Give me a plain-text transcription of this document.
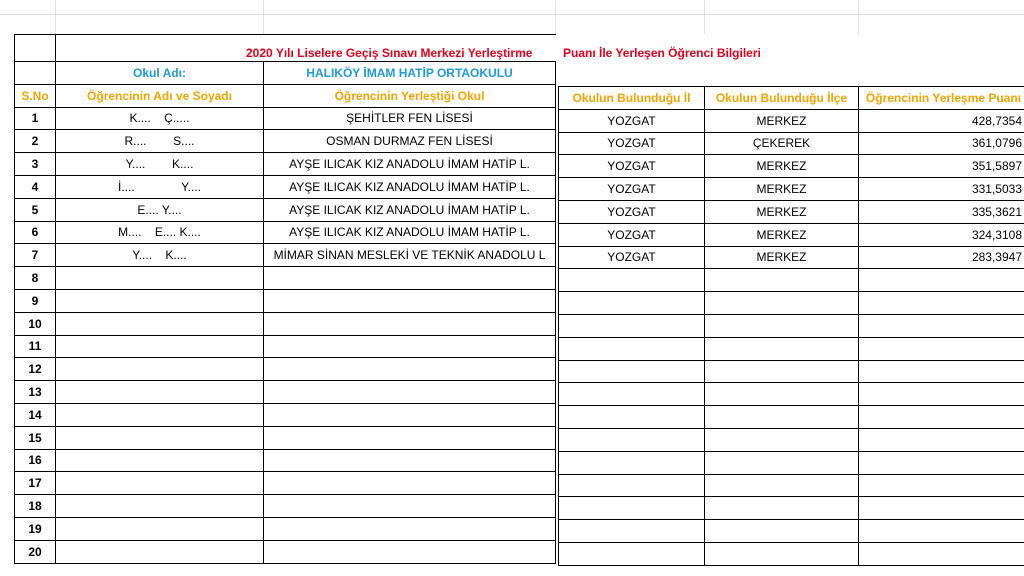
	Okul Adı:	HALIKÖY İMAM HATİP ORTAOKULU
S.No	Öğrencinin Adı ve Soyadı	Öğrencinin Yerleştiği Okul
1	K....    Ç.....	ŞEHİTLER FEN LİSESİ
2	R....        S....	OSMAN DURMAZ FEN LİSESİ
3	Y....        K....	AYŞE ILICAK KIZ ANADOLU İMAM HATİP L.
4	İ....              Y....	AYŞE ILICAK KIZ ANADOLU İMAM HATİP L.
5	E.... Y....	AYŞE ILICAK KIZ ANADOLU İMAM HATİP L.
6	M....    E.... K....	AYŞE ILICAK KIZ ANADOLU İMAM HATİP L.
7	Y....    K....	MİMAR SİNAN MESLEKİ VE TEKNİK ANADOLU L
8		
9		
10		
11		
12		
13		
14		
15		
16		
17		
18		
19		
20		
2020 Yılı Liselere Geçiş Sınavı Merkezi Yerleştirme	Puanı İle Yerleşen Öğrenci Bilgileri
Okulun Bulunduğu İl	Okulun Bulunduğu İlçe	Öğrencinin Yerleşme Puanı
YOZGAT	MERKEZ	428,7354
YOZGAT	ÇEKEREK	361,0796
YOZGAT	MERKEZ	351,5897
YOZGAT	MERKEZ	331,5033
YOZGAT	MERKEZ	335,3621
YOZGAT	MERKEZ	324,3108
YOZGAT	MERKEZ	283,3947
